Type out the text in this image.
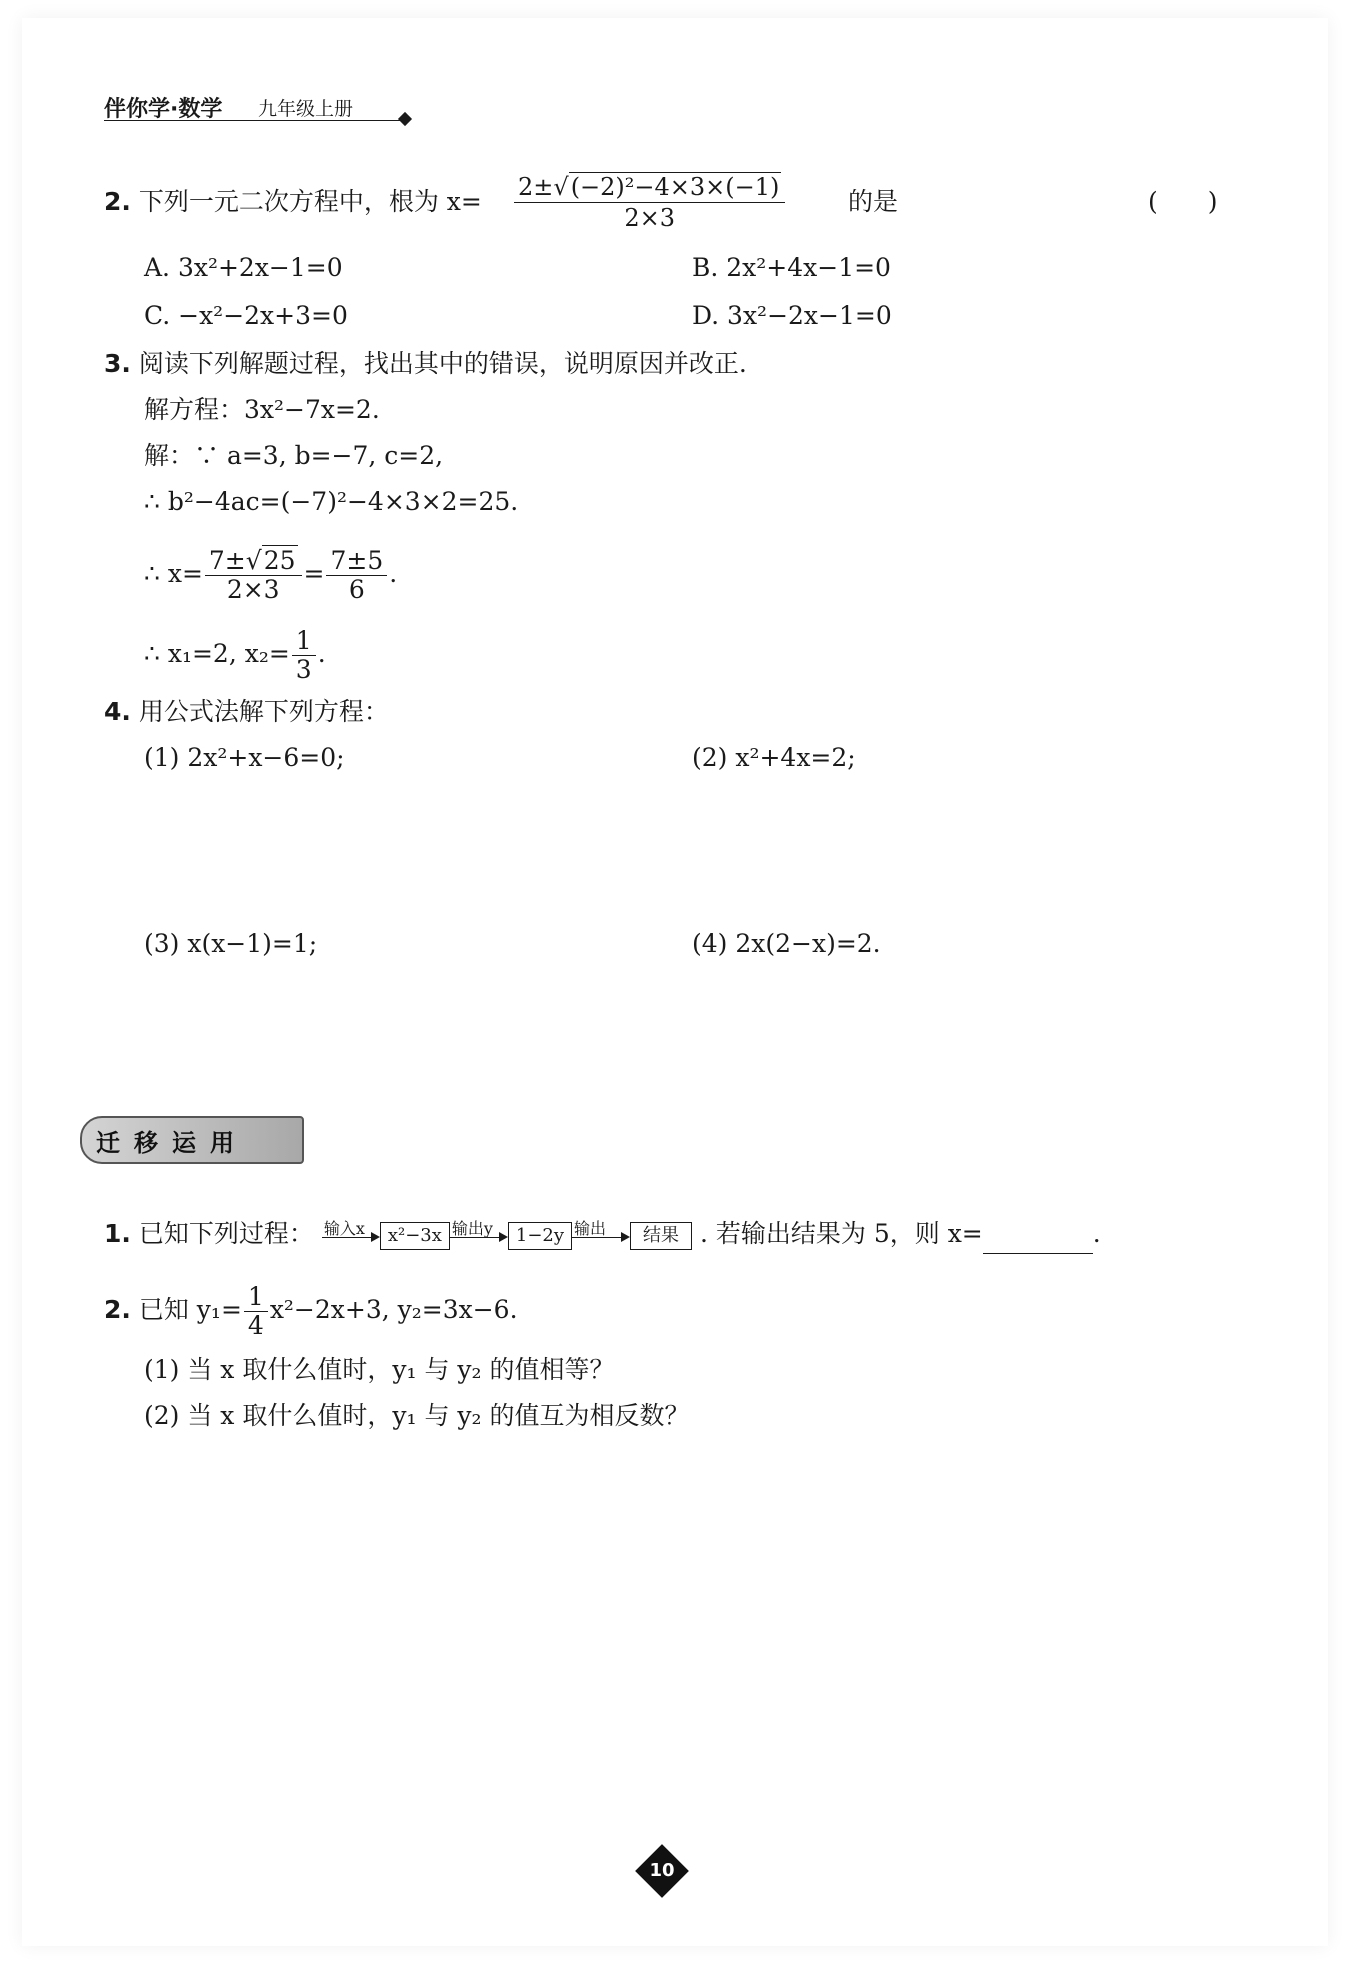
伴你学·数学 九年级上册
2. 下列一元二次方程中，根为 $x= \frac{\text{2±√(−2)²−4×3×(−1)}}{2\times 3}$	的是	(　　)
A. 3x²+2x−1=0	B. 2x²+4x−1=0
C. −x²−2x+3=0	D. 3x²−2x−1=0
3. 阅读下列解题过程，找出其中的错误，说明原因并改正.
解方程：3x²−7x=2.
解：∵ a=3, b=−7, c=2,
∴ b²−4ac=(−7)²−4×3×2=25.
∴ $x= \frac{7\pm√25}{2\times 3} = \frac{7\pm 5}{6}$ .
∴ x₁=2, $x_2= \frac{1}{3}$ .
4. 用公式法解下列方程：
(1) 2x²+x−6=0;	(2) x²+4x=2;
(3) x(x−1)=1;	(4) 2x(2−x)=2.
迁移运用
1. 已知下列过程： 输入x x²−3x 输出y 1−2y 输出 结果 . 若输出结果为 5，则 x=	.
2. 已知 $y_1= \frac{1}{4} x^2-2x+3$, y₂=3x−6.
(1) 当 x 取什么值时，y₁ 与 y₂ 的值相等？
(2) 当 x 取什么值时，y₁ 与 y₂ 的值互为相反数？
10
